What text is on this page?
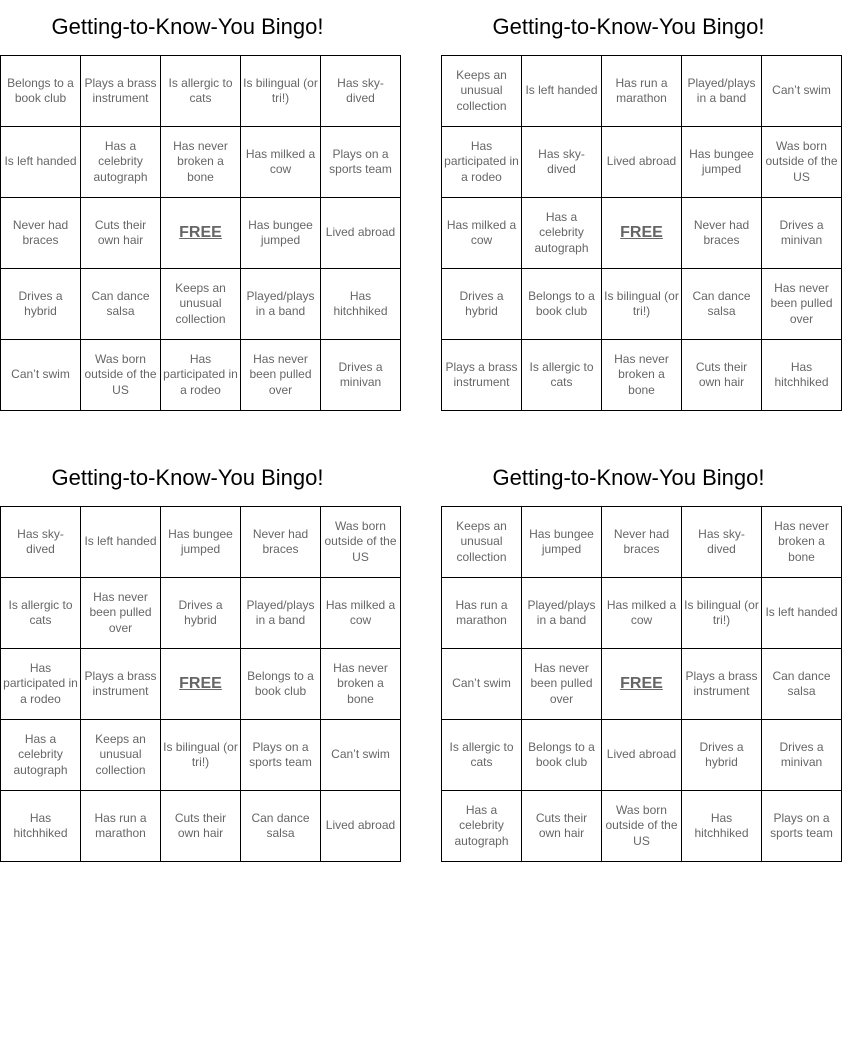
Getting-to-Know-You Bingo!
Belongs to a book club	Plays a brass instrument	Is allergic to cats	Is bilingual (or tri!)	Has sky-dived
Is left handed	Has a celebrity autograph	Has never broken a bone	Has milked a cow	Plays on a sports team
Never had braces	Cuts their own hair	FREE	Has bungee jumped	Lived abroad
Drives a hybrid	Can dance salsa	Keeps an unusual collection	Played/plays in a band	Has hitchhiked
Can’t swim	Was born outside of the US	Has participated in a rodeo	Has never been pulled over	Drives a minivan
Getting-to-Know-You Bingo!
Keeps an unusual collection	Is left handed	Has run a marathon	Played/plays in a band	Can’t swim
Has participated in a rodeo	Has sky-dived	Lived abroad	Has bungee jumped	Was born outside of the US
Has milked a cow	Has a celebrity autograph	FREE	Never had braces	Drives a minivan
Drives a hybrid	Belongs to a book club	Is bilingual (or tri!)	Can dance salsa	Has never been pulled over
Plays a brass instrument	Is allergic to cats	Has never broken a bone	Cuts their own hair	Has hitchhiked
Getting-to-Know-You Bingo!
Has sky-dived	Is left handed	Has bungee jumped	Never had braces	Was born outside of the US
Is allergic to cats	Has never been pulled over	Drives a hybrid	Played/plays in a band	Has milked a cow
Has participated in a rodeo	Plays a brass instrument	FREE	Belongs to a book club	Has never broken a bone
Has a celebrity autograph	Keeps an unusual collection	Is bilingual (or tri!)	Plays on a sports team	Can’t swim
Has hitchhiked	Has run a marathon	Cuts their own hair	Can dance salsa	Lived abroad
Getting-to-Know-You Bingo!
Keeps an unusual collection	Has bungee jumped	Never had braces	Has sky-dived	Has never broken a bone
Has run a marathon	Played/plays in a band	Has milked a cow	Is bilingual (or tri!)	Is left handed
Can’t swim	Has never been pulled over	FREE	Plays a brass instrument	Can dance salsa
Is allergic to cats	Belongs to a book club	Lived abroad	Drives a hybrid	Drives a minivan
Has a celebrity autograph	Cuts their own hair	Was born outside of the US	Has hitchhiked	Plays on a sports team
